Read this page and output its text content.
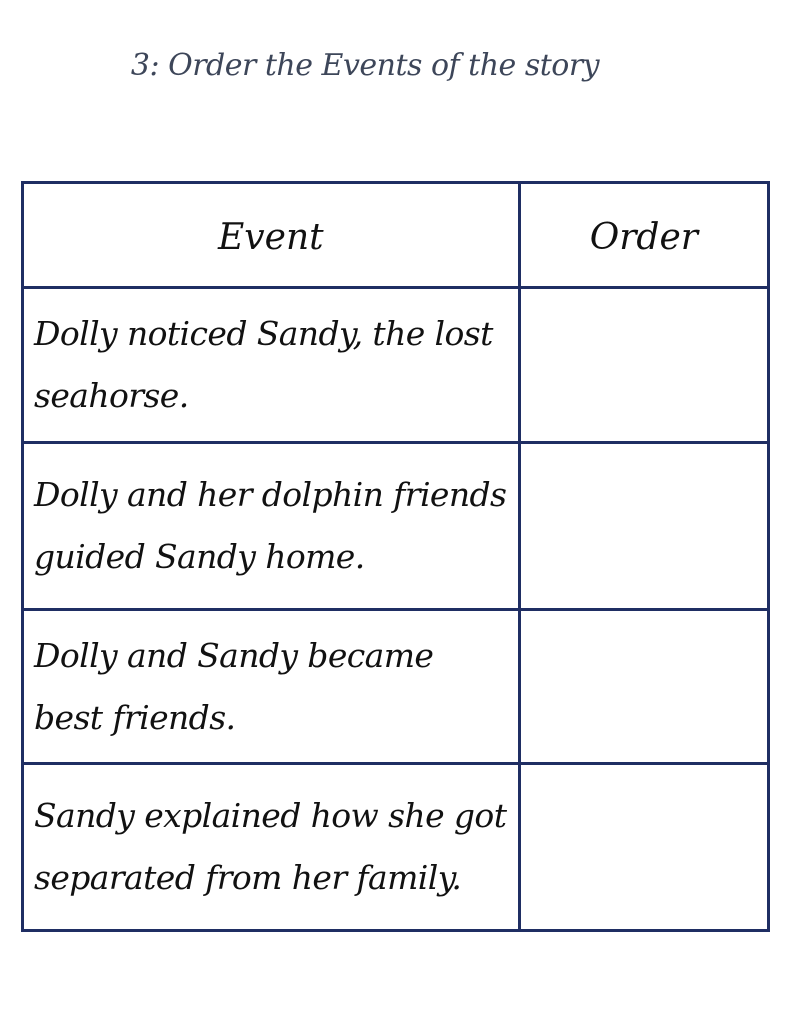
3: Order the Events of the story
Event	Order
Dolly noticed Sandy, the lost seahorse.	
Dolly and her dolphin friends guided Sandy home.	
Dolly and Sandy became best friends.	
Sandy explained how she got separated from her family.	
